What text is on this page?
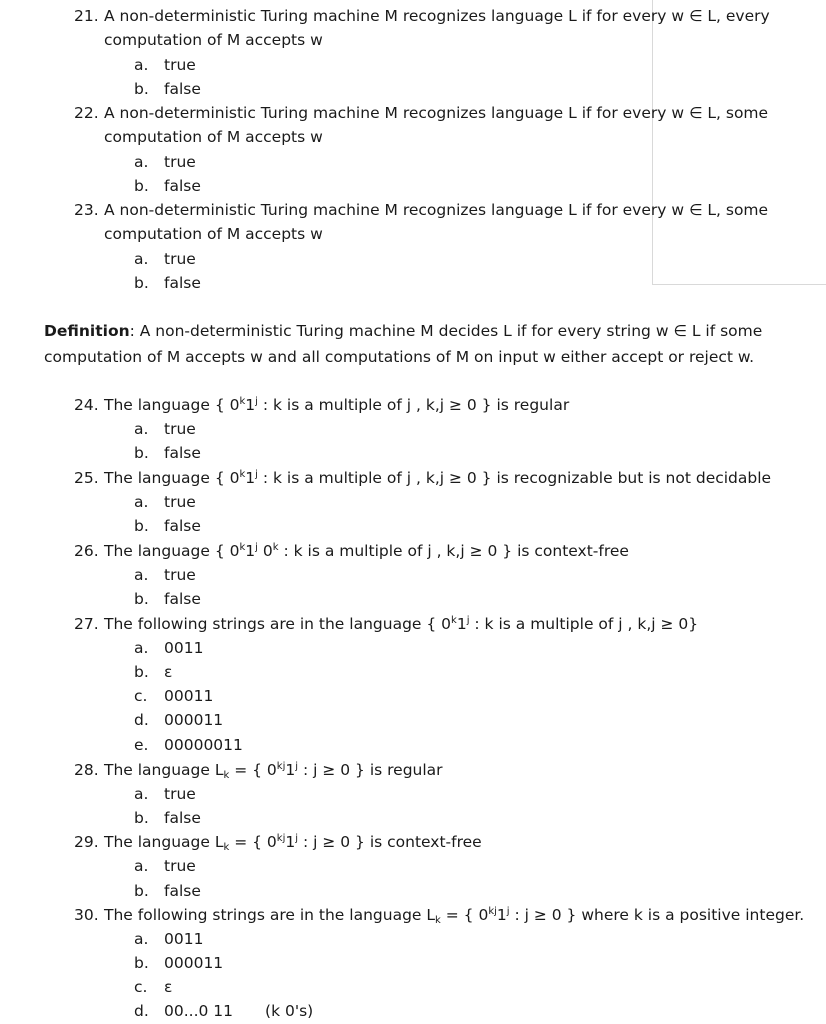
21. A non-deterministic Turing machine M recognizes language L if for every w ∈ L, every
computation of M accepts w

a. true

b. false

22. A non-deterministic Turing machine M recognizes language L if for every w ∈ L, some
computation of M accepts w

a. true

b. false

23. A non-deterministic Turing machine M recognizes language L if for every w ∈ L, some
computation of M accepts w

a. true

b. false

Definition: A non-deterministic Turing machine M decides L if for every string w ∈ L if some
computation of M accepts w and all computations of M on input w either accept or reject w.

24. The language { 0$^k$1$^j$ : k is a multiple of j , k,j ≥ 0 } is regular

a. true

b. false

25. The language { 0$^k$1$^j$ : k is a multiple of j , k,j ≥ 0 } is recognizable but is not decidable

a. true

b. false

26. The language { 0$^k$1$^j$ 0$^k$ : k is a multiple of j , k,j ≥ 0 } is context-free

a. true

b. false

27. The following strings are in the language { 0$^k$1$^j$ : k is a multiple of j , k,j ≥ 0}

a. 0011

b. ε

c. 00011

d. 000011

e. 00000011

28. The language $L_k$ = { $0^{kj}1^j$ : j ≥ 0 } is regular

a. true

b. false

29. The language $L_k$ = { $0^{kj}1^j$ : j ≥ 0 } is context-free

a. true

b. false

30. The following strings are in the language $L_k$ = { $0^{kj}1^j$ : j ≥ 0 } where k is a positive integer.

a. 0011

b. 000011

c. ε

d. 00...0 11 (k 0's)
